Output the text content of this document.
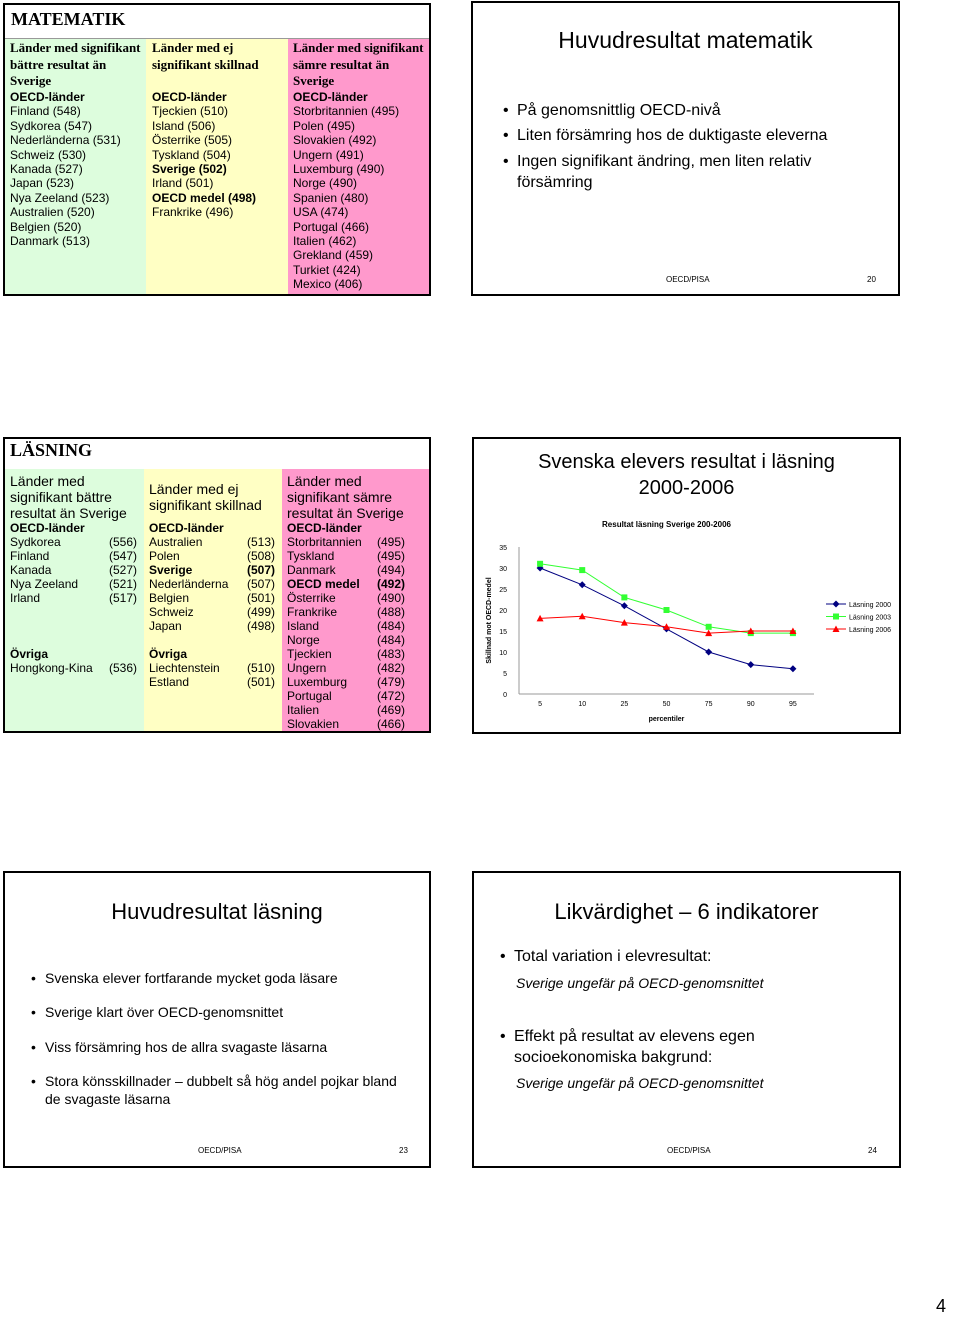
MATEMATIK
Länder med signifikant
bättre resultat än
Sverige
OECD-länder
Finland (548)
Sydkorea (547)
Nederländerna (531)
Schweiz (530)
Kanada (527)
Japan (523)
Nya Zeeland (523)
Australien (520)
Belgien (520)
Danmark (513)
Länder med ej
signifikant skillnad
OECD-länder
Tjeckien (510)
Island (506)
Österrike (505)
Tyskland (504)
Sverige (502)
Irland (501)
OECD medel (498)
Frankrike (496)
Länder med signifikant
sämre resultat än
Sverige
OECD-länder
Storbritannien (495)
Polen (495)
Slovakien (492)
Ungern (491)
Luxemburg (490)
Norge (490)
Spanien (480)
USA (474)
Portugal (466)
Italien (462)
Grekland (459)
Turkiet (424)
Mexico (406)
Huvudresultat matematik
• På genomsnittlig OECD-nivå
• Liten försämring hos de duktigaste eleverna
• Ingen signifikant ändring, men liten relativ försämring
OECD/PISA	20
LÄSNING
Länder med
signifikant bättre
resultat än Sverige
OECD-länder
Sydkorea	(556)
Finland	(547)
Kanada	(527)
Nya Zeeland	(521)
Irland	(517)
Övriga
Hongkong-Kina (536)
Länder med ej
signifikant skillnad
OECD-länder
Australien	(513)
Polen	(508)
Sverige	(507)
Nederländerna (507)
Belgien	(501)
Schweiz	(499)
Japan	(498)
Övriga
Liechtenstein (510)
Estland	(501)
Länder med
signifikant sämre
resultat än Sverige
OECD-länder
Storbritannien (495)
Tyskland	(495)
Danmark	(494)
OECD medel (492)
Österrike	(490)
Frankrike	(488)
Island	(484)
Norge	(484)
Tjeckien	(483)
Ungern	(482)
Luxemburg (479)
Portugal	(472)
Italien	(469)
Slovakien	(466)
Svenska elevers resultat i läsning
2000-2006
Resultat läsning Sverige 200-2006
0
5
10
15
20
25
30
35
5	10	25	50	75	90	95
percentiler
Skillnad mot OECD-medel	Läsning 2000
Läsning 2003
Läsning 2006
Huvudresultat läsning
• Svenska elever fortfarande mycket goda läsare
• Sverige klart över OECD-genomsnittet
• Viss försämring hos de allra svagaste läsarna
• Stora könsskillnader – dubbelt så hög andel pojkar bland de svagaste läsarna
OECD/PISA	23
Likvärdighet – 6 indikatorer
• Total variation i elevresultat:
Sverige ungefär på OECD-genomsnittet
• Effekt på resultat av elevens egen socioekonomiska bakgrund:
Sverige ungefär på OECD-genomsnittet
OECD/PISA	24
4
